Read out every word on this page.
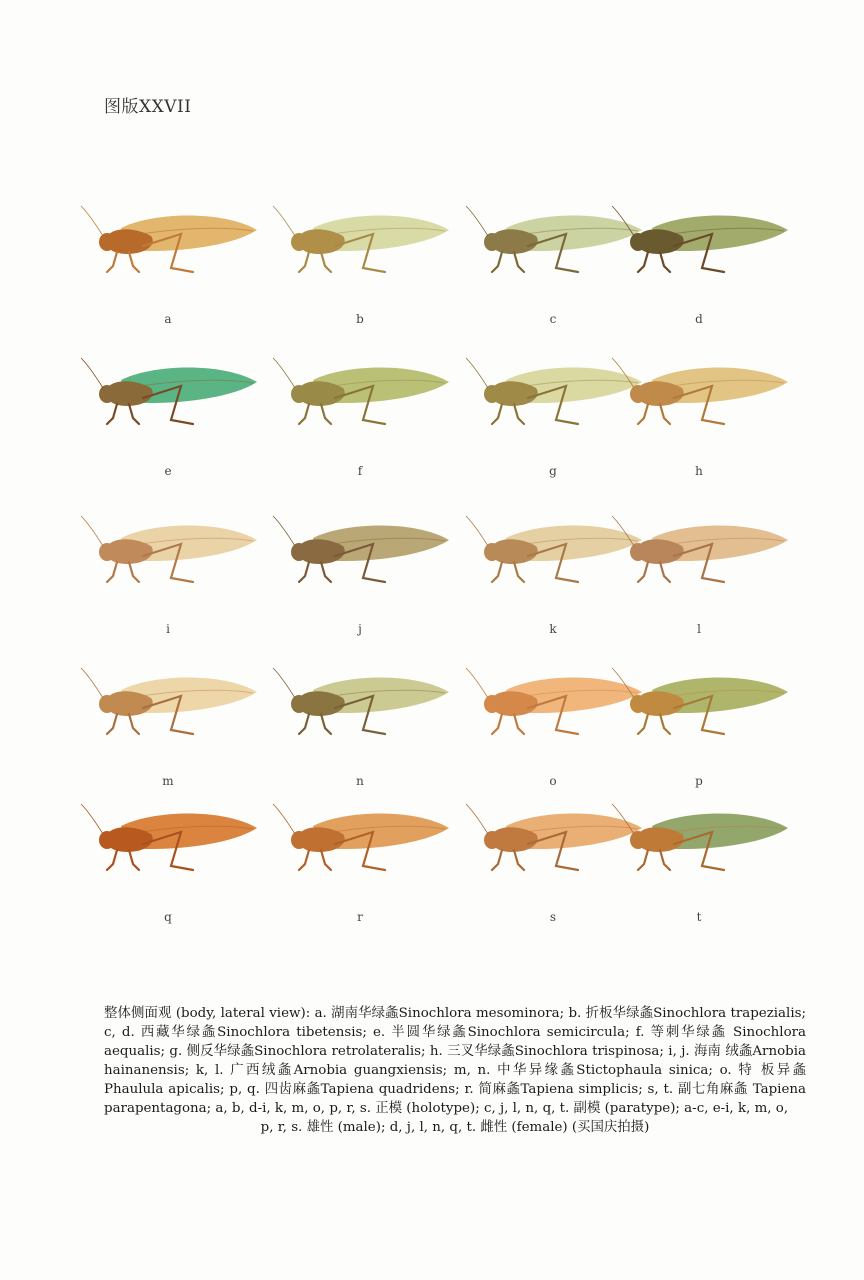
图版XXVII
a	b	c	d
e	f	g	h
i	j	k	l
m	n	o	p
q	r	s	t
整体侧面观 (body, lateral view): a. 湖南华绿螽Sinochlora mesominora; b. 折板华绿螽Sinochlora trapezialis; c, d. 西藏华绿螽Sinochlora tibetensis; e. 半圆华绿螽Sinochlora semicircula; f. 等刺华绿螽 Sinochlora aequalis; g. 侧反华绿螽Sinochlora retrolateralis; h. 三叉华绿螽Sinochlora trispinosa; i, j. 海南 绒螽Arnobia hainanensis; k, l. 广西绒螽Arnobia guangxiensis; m, n. 中华异缘螽Stictophaula sinica; o. 特 板异螽Phaulula apicalis; p, q. 四齿麻螽Tapiena quadridens; r. 简麻螽Tapiena simplicis; s, t. 副七角麻螽 Tapiena parapentagona; a, b, d-i, k, m, o, p, r, s. 正模 (holotype); c, j, l, n, q, t. 副模 (paratype); a-c, e-i, k, m, o,
p, r, s. 雄性 (male); d, j, l, n, q, t. 雌性 (female) (买国庆拍摄)
